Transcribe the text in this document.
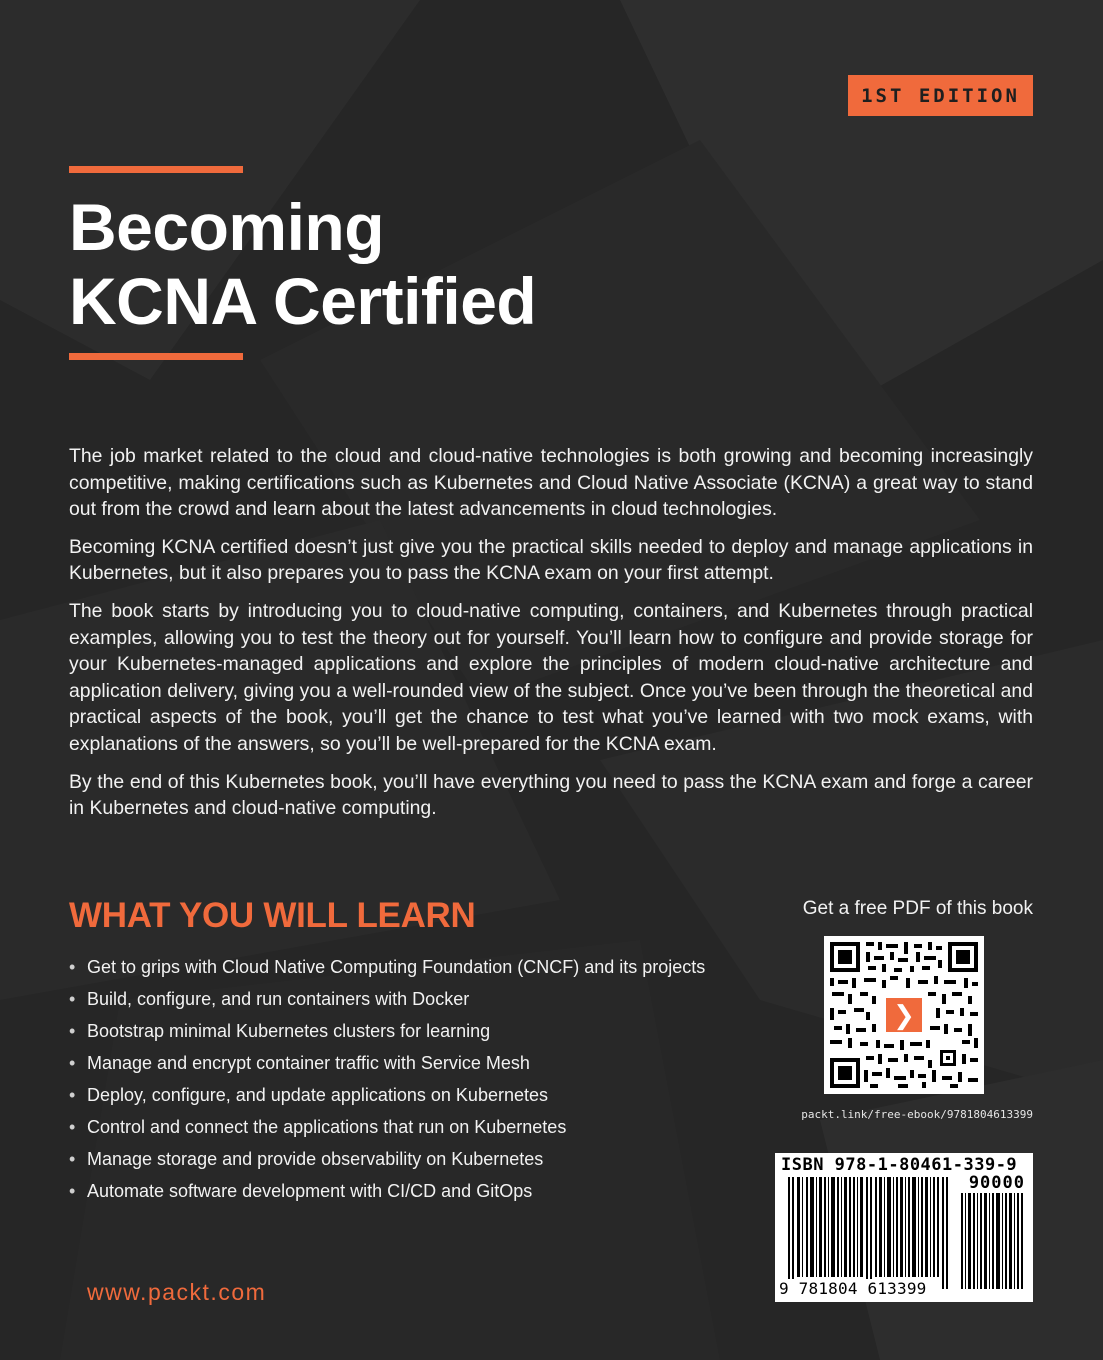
1ST EDITION
Becoming
KCNA Certified

The job market related to the cloud and cloud-native technologies is both growing and becoming increasingly competitive, making certifications such as Kubernetes and Cloud Native Associate (KCNA) a great way to stand out from the crowd and learn about the latest advancements in cloud technologies.

Becoming KCNA certified doesn’t just give you the practical skills needed to deploy and manage applications in Kubernetes, but it also prepares you to pass the KCNA exam on your first attempt.

The book starts by introducing you to cloud-native computing, containers, and Kubernetes through practical examples, allowing you to test the theory out for yourself. You’ll learn how to configure and provide storage for your Kubernetes-managed applications and explore the principles of modern cloud-native architecture and application delivery, giving you a well-rounded view of the subject. Once you’ve been through the theoretical and practical aspects of the book, you’ll get the chance to test what you’ve learned with two mock exams, with explanations of the answers, so you’ll be well-prepared for the KCNA exam.

By the end of this Kubernetes book, you’ll have everything you need to pass the KCNA exam and forge a career in Kubernetes and cloud-native computing.

WHAT YOU WILL LEARN
• Get to grips with Cloud Native Computing Foundation (CNCF) and its projects
• Build, configure, and run containers with Docker
• Bootstrap minimal Kubernetes clusters for learning
• Manage and encrypt container traffic with Service Mesh
• Deploy, configure, and update applications on Kubernetes
• Control and connect the applications that run on Kubernetes
• Manage storage and provide observability on Kubernetes
• Automate software development with CI/CD and GitOps
www.packt.com
Get a free PDF of this book
❯
packt.link/free-ebook/9781804613399
ISBN 978-1-80461-339-9
90000
9 781804 613399
